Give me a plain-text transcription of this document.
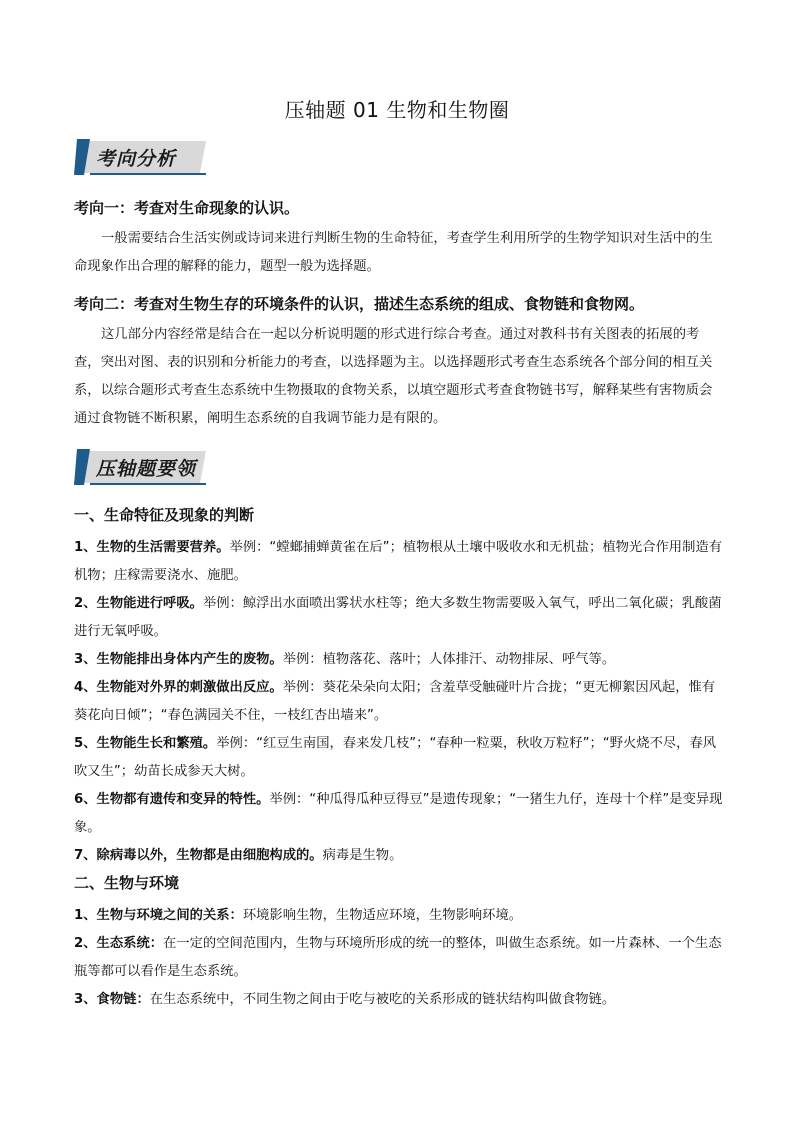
压轴题 01 生物和生物圈
考向分析
考向一：考查对生命现象的认识。

一般需要结合生活实例或诗词来进行判断生物的生命特征，考查学生利用所学的生物学知识对生活中的生命现象作出合理的解释的能力，题型一般为选择题。

考向二：考查对生物生存的环境条件的认识，描述生态系统的组成、食物链和食物网。

这几部分内容经常是结合在一起以分析说明题的形式进行综合考查。通过对教科书有关图表的拓展的考查，突出对图、表的识别和分析能力的考查，以选择题为主。以选择题形式考查生态系统各个部分间的相互关系，以综合题形式考查生态系统中生物摄取的食物关系，以填空题形式考查食物链书写，解释某些有害物质会通过食物链不断积累，阐明生态系统的自我调节能力是有限的。

压轴题要领
一、生命特征及现象的判断

1、生物的生活需要营养。举例：“螳螂捕蝉黄雀在后”；植物根从土壤中吸收水和无机盐；植物光合作用制造有机物；庄稼需要浇水、施肥。

2、生物能进行呼吸。举例：鲸浮出水面喷出雾状水柱等；绝大多数生物需要吸入氧气，呼出二氧化碳；乳酸菌进行无氧呼吸。

3、生物能排出身体内产生的废物。举例：植物落花、落叶；人体排汗、动物排尿、呼气等。

4、生物能对外界的刺激做出反应。举例：葵花朵朵向太阳；含羞草受触碰叶片合拢；“更无柳絮因风起，惟有葵花向日倾”；“春色满园关不住，一枝红杏出墙来”。

5、生物能生长和繁殖。举例：“红豆生南国，春来发几枝”；“春种一粒粟，秋收万粒籽”；“野火烧不尽，春风吹又生”；幼苗长成参天大树。

6、生物都有遗传和变异的特性。举例：“种瓜得瓜种豆得豆”是遗传现象；“一猪生九仔，连母十个样”是变异现象。

7、除病毒以外，生物都是由细胞构成的。病毒是生物。

二、生物与环境

1、生物与环境之间的关系：环境影响生物，生物适应环境，生物影响环境。

2、生态系统：在一定的空间范围内，生物与环境所形成的统一的整体，叫做生态系统。如一片森林、一个生态瓶等都可以看作是生态系统。

3、食物链：在生态系统中，不同生物之间由于吃与被吃的关系形成的链状结构叫做食物链。
